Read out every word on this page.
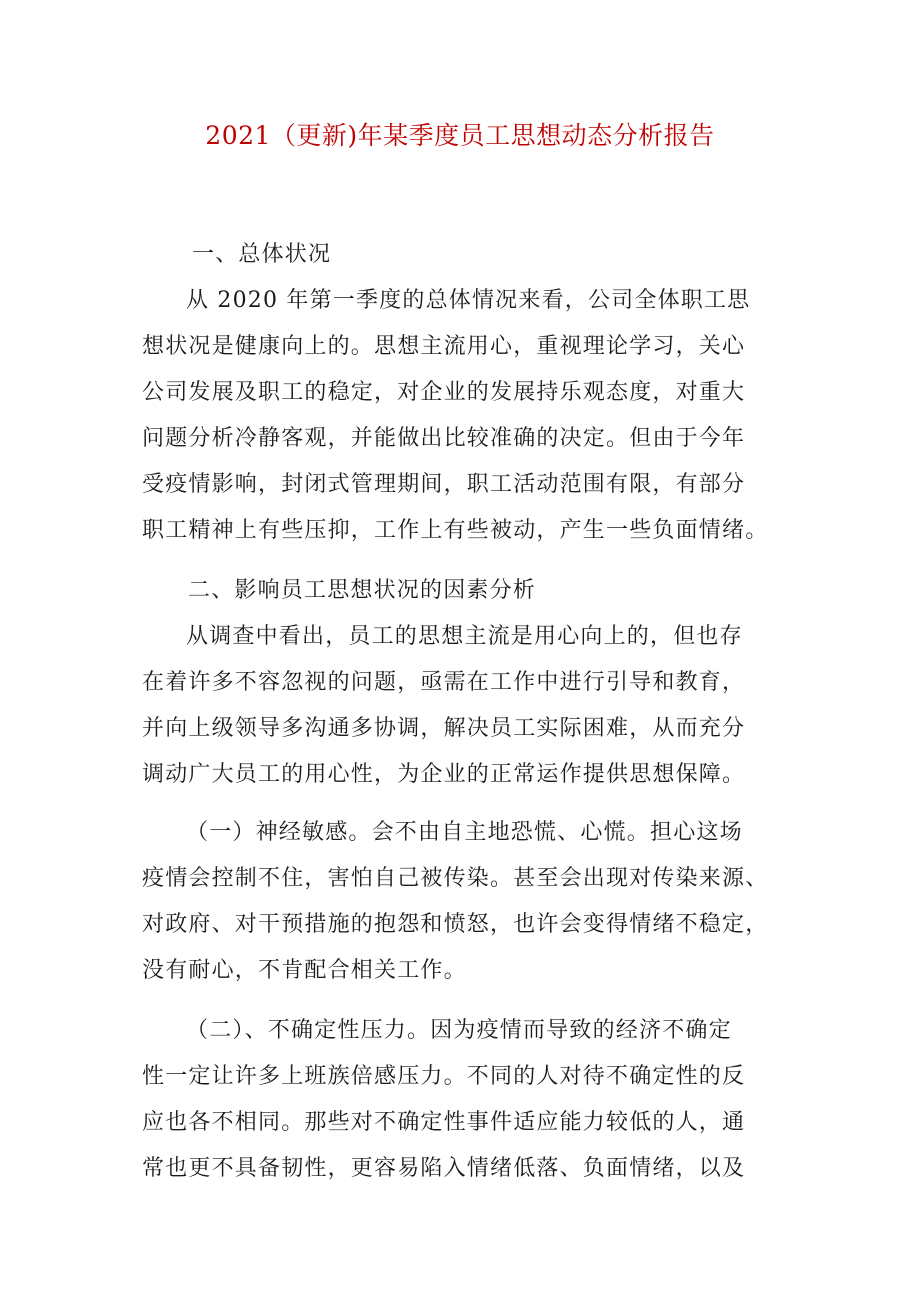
2021（更新)年某季度员工思想动态分析报告
一、总体状况
从 2020 年第一季度的总体情况来看，公司全体职工思
想状况是健康向上的。思想主流用心，重视理论学习，关心
公司发展及职工的稳定，对企业的发展持乐观态度，对重大
问题分析冷静客观，并能做出比较准确的决定。但由于今年
受疫情影响，封闭式管理期间，职工活动范围有限，有部分
职工精神上有些压抑，工作上有些被动，产生一些负面情绪。
二、影响员工思想状况的因素分析
从调查中看出，员工的思想主流是用心向上的，但也存
在着许多不容忽视的问题，亟需在工作中进行引导和教育，
并向上级领导多沟通多协调，解决员工实际困难，从而充分
调动广大员工的用心性，为企业的正常运作提供思想保障。
（一）神经敏感。会不由自主地恐慌、心慌。担心这场
疫情会控制不住，害怕自己被传染。甚至会出现对传染来源、
对政府、对干预措施的抱怨和愤怒，也许会变得情绪不稳定，
没有耐心，不肯配合相关工作。
（二）、不确定性压力。因为疫情而导致的经济不确定
性一定让许多上班族倍感压力。不同的人对待不确定性的反
应也各不相同。那些对不确定性事件适应能力较低的人，通
常也更不具备韧性，更容易陷入情绪低落、负面情绪，以及
